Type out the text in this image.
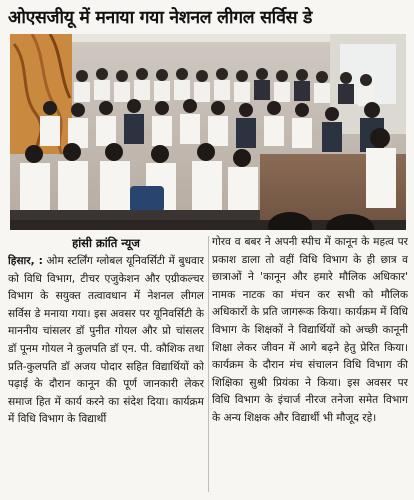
ओएसजीयू में मनाया गया नेशनल लीगल सर्विस डे
हांसी क्रांति न्यूज
हिसार, : ओम स्टर्लिंग ग्लोबल यूनिवर्सिटी में बुधवार को विधि विभाग, टीचर एजुकेशन और एग्रीकल्चर विभाग के सयुक्त तत्वावधान में नेशनल लीगल सर्विस डे मनाया गया। इस अवसर पर यूनिवर्सिटी के माननीय चांसलर डॉ पुनीत गोयल और प्रो चांसलर डॉ पूनम गोयल ने कुलपति डॉ एन. पी. कौशिक तथा प्रति-कुलपति डॉ अजय पोदार सहित विद्यार्थियों को पढ़ाई के दौरान कानून की पूर्ण जानकारी लेकर समाज हित में कार्य करने का संदेश दिया। कार्यक्रम में विधि विभाग के विद्यार्थी
गोरव व बबर ने अपनी स्पीच में कानून के महत्व पर प्रकाश डाला तो वहीं विधि विभाग के ही छात्र व छात्राओं ने 'कानून और हमारे मौलिक अधिकार' नामक नाटक का मंचन कर सभी को मौलिक अधिकारों के प्रति जागरूक किया। कार्यक्रम में विधि विभाग के शिक्षकों ने विद्यार्थियों को अच्छी कानूनी शिक्षा लेकर जीवन में आगे बढ़ने हेतु प्रेरित किया। कार्यक्रम के दौरान मंच संचालन विधि विभाग की शिक्षिका सुश्री प्रियंका ने किया। इस अवसर पर विधि विभाग के इंचार्ज नीरज तनेजा समेत विभाग के अन्य शिक्षक और विद्यार्थी भी मौजूद रहे।
